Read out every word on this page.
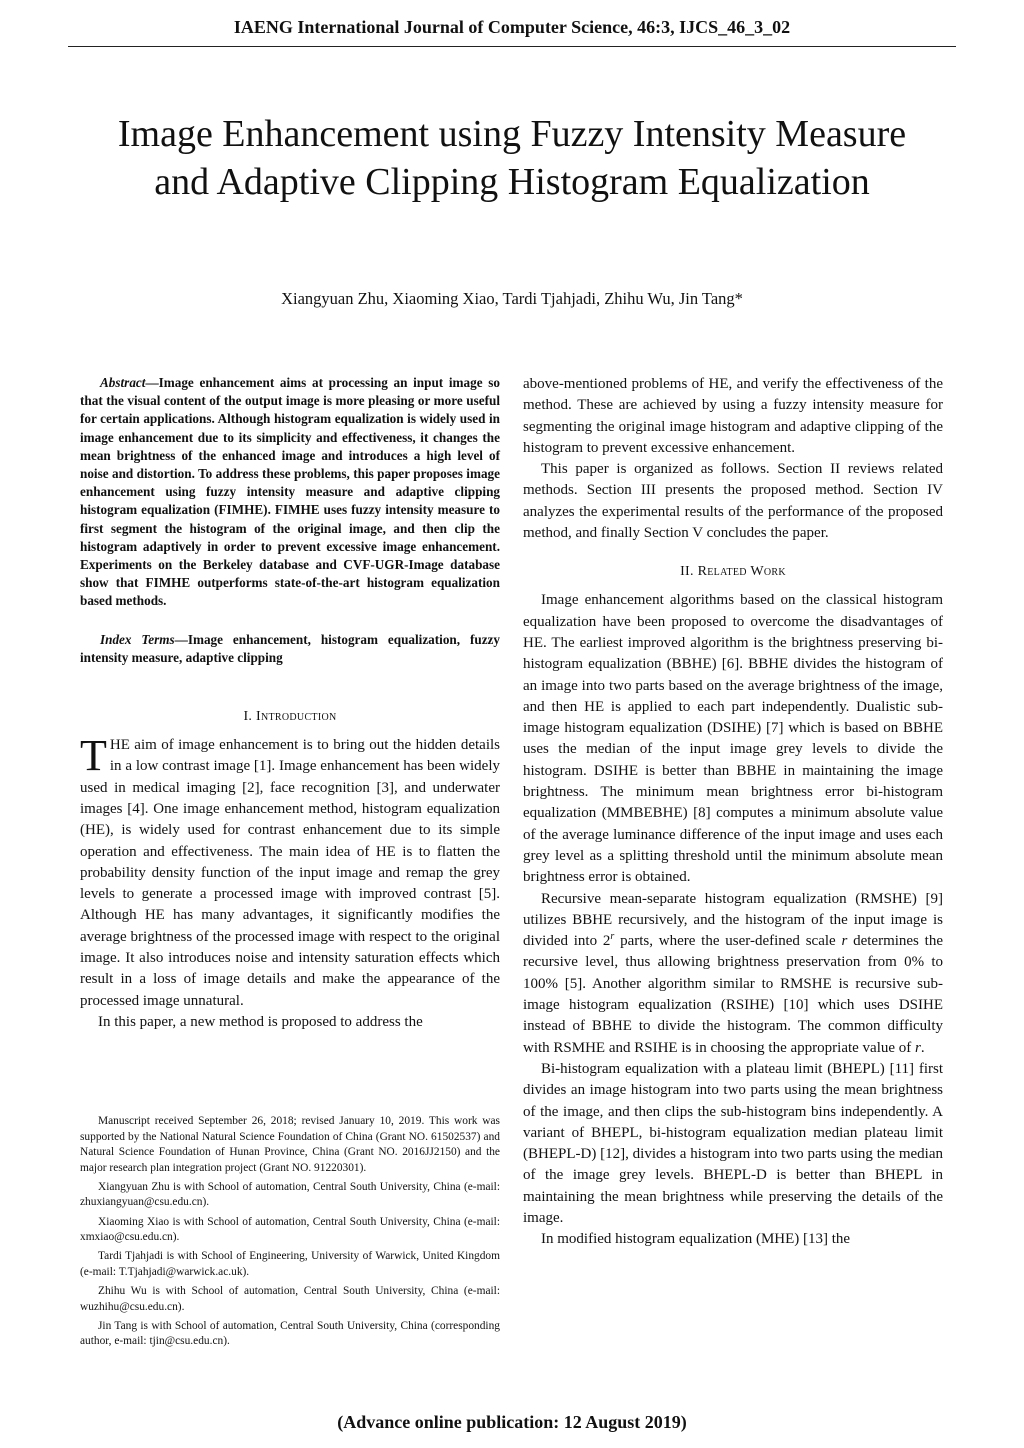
IAENG International Journal of Computer Science, 46:3, IJCS_46_3_02
Image Enhancement using Fuzzy Intensity Measure and Adaptive Clipping Histogram Equalization
Xiangyuan Zhu, Xiaoming Xiao, Tardi Tjahjadi, Zhihu Wu, Jin Tang*

Abstract—Image enhancement aims at processing an input image so that the visual content of the output image is more pleasing or more useful for certain applications. Although histogram equalization is widely used in image enhancement due to its simplicity and effectiveness, it changes the mean brightness of the enhanced image and introduces a high level of noise and distortion. To address these problems, this paper proposes image enhancement using fuzzy intensity measure and adaptive clipping histogram equalization (FIMHE). FIMHE uses fuzzy intensity measure to first segment the histogram of the original image, and then clip the histogram adaptively in order to prevent excessive image enhancement. Experiments on the Berkeley database and CVF-UGR-Image database show that FIMHE outperforms state-of-the-art histogram equalization based methods.

Index Terms—Image enhancement, histogram equalization, fuzzy intensity measure, adaptive clipping

I. Introduction

THE aim of image enhancement is to bring out the hidden details in a low contrast image [1]. Image enhancement has been widely used in medical imaging [2], face recognition [3], and underwater images [4]. One image enhancement method, histogram equalization (HE), is widely used for contrast enhancement due to its simple operation and effectiveness. The main idea of HE is to flatten the probability density function of the input image and remap the grey levels to generate a processed image with improved contrast [5]. Although HE has many advantages, it significantly modifies the average brightness of the processed image with respect to the original image. It also introduces noise and intensity saturation effects which result in a loss of image details and make the appearance of the processed image unnatural.

In this paper, a new method is proposed to address the

Manuscript received September 26, 2018; revised January 10, 2019. This work was supported by the National Natural Science Foundation of China (Grant NO. 61502537) and Natural Science Foundation of Hunan Province, China (Grant NO. 2016JJ2150) and the major research plan integration project (Grant NO. 91220301).

Xiangyuan Zhu is with School of automation, Central South University, China (e-mail: zhuxiangyuan@csu.edu.cn).

Xiaoming Xiao is with School of automation, Central South University, China (e-mail: xmxiao@csu.edu.cn).

Tardi Tjahjadi is with School of Engineering, University of Warwick, United Kingdom (e-mail: T.Tjahjadi@warwick.ac.uk).

Zhihu Wu is with School of automation, Central South University, China (e-mail: wuzhihu@csu.edu.cn).

Jin Tang is with School of automation, Central South University, China (corresponding author, e-mail: tjin@csu.edu.cn).

above-mentioned problems of HE, and verify the effectiveness of the method. These are achieved by using a fuzzy intensity measure for segmenting the original image histogram and adaptive clipping of the histogram to prevent excessive enhancement.

This paper is organized as follows. Section II reviews related methods. Section III presents the proposed method. Section IV analyzes the experimental results of the performance of the proposed method, and finally Section V concludes the paper.

II. Related Work

Image enhancement algorithms based on the classical histogram equalization have been proposed to overcome the disadvantages of HE. The earliest improved algorithm is the brightness preserving bi-histogram equalization (BBHE) [6]. BBHE divides the histogram of an image into two parts based on the average brightness of the image, and then HE is applied to each part independently. Dualistic sub-image histogram equalization (DSIHE) [7] which is based on BBHE uses the median of the input image grey levels to divide the histogram. DSIHE is better than BBHE in maintaining the image brightness. The minimum mean brightness error bi-histogram equalization (MMBEBHE) [8] computes a minimum absolute value of the average luminance difference of the input image and uses each grey level as a splitting threshold until the minimum absolute mean brightness error is obtained.

Recursive mean-separate histogram equalization (RMSHE) [9] utilizes BBHE recursively, and the histogram of the input image is divided into 2$^r$ parts, where the user-defined scale r determines the recursive level, thus allowing brightness preservation from 0% to 100% [5]. Another algorithm similar to RMSHE is recursive sub-image histogram equalization (RSIHE) [10] which uses DSIHE instead of BBHE to divide the histogram. The common difficulty with RSMHE and RSIHE is in choosing the appropriate value of r.

Bi-histogram equalization with a plateau limit (BHEPL) [11] first divides an image histogram into two parts using the mean brightness of the image, and then clips the sub-histogram bins independently. A variant of BHEPL, bi-histogram equalization median plateau limit (BHEPL-D) [12], divides a histogram into two parts using the median of the image grey levels. BHEPL-D is better than BHEPL in maintaining the mean brightness while preserving the details of the image.

In modified histogram equalization (MHE) [13] the

(Advance online publication: 12 August 2019)
